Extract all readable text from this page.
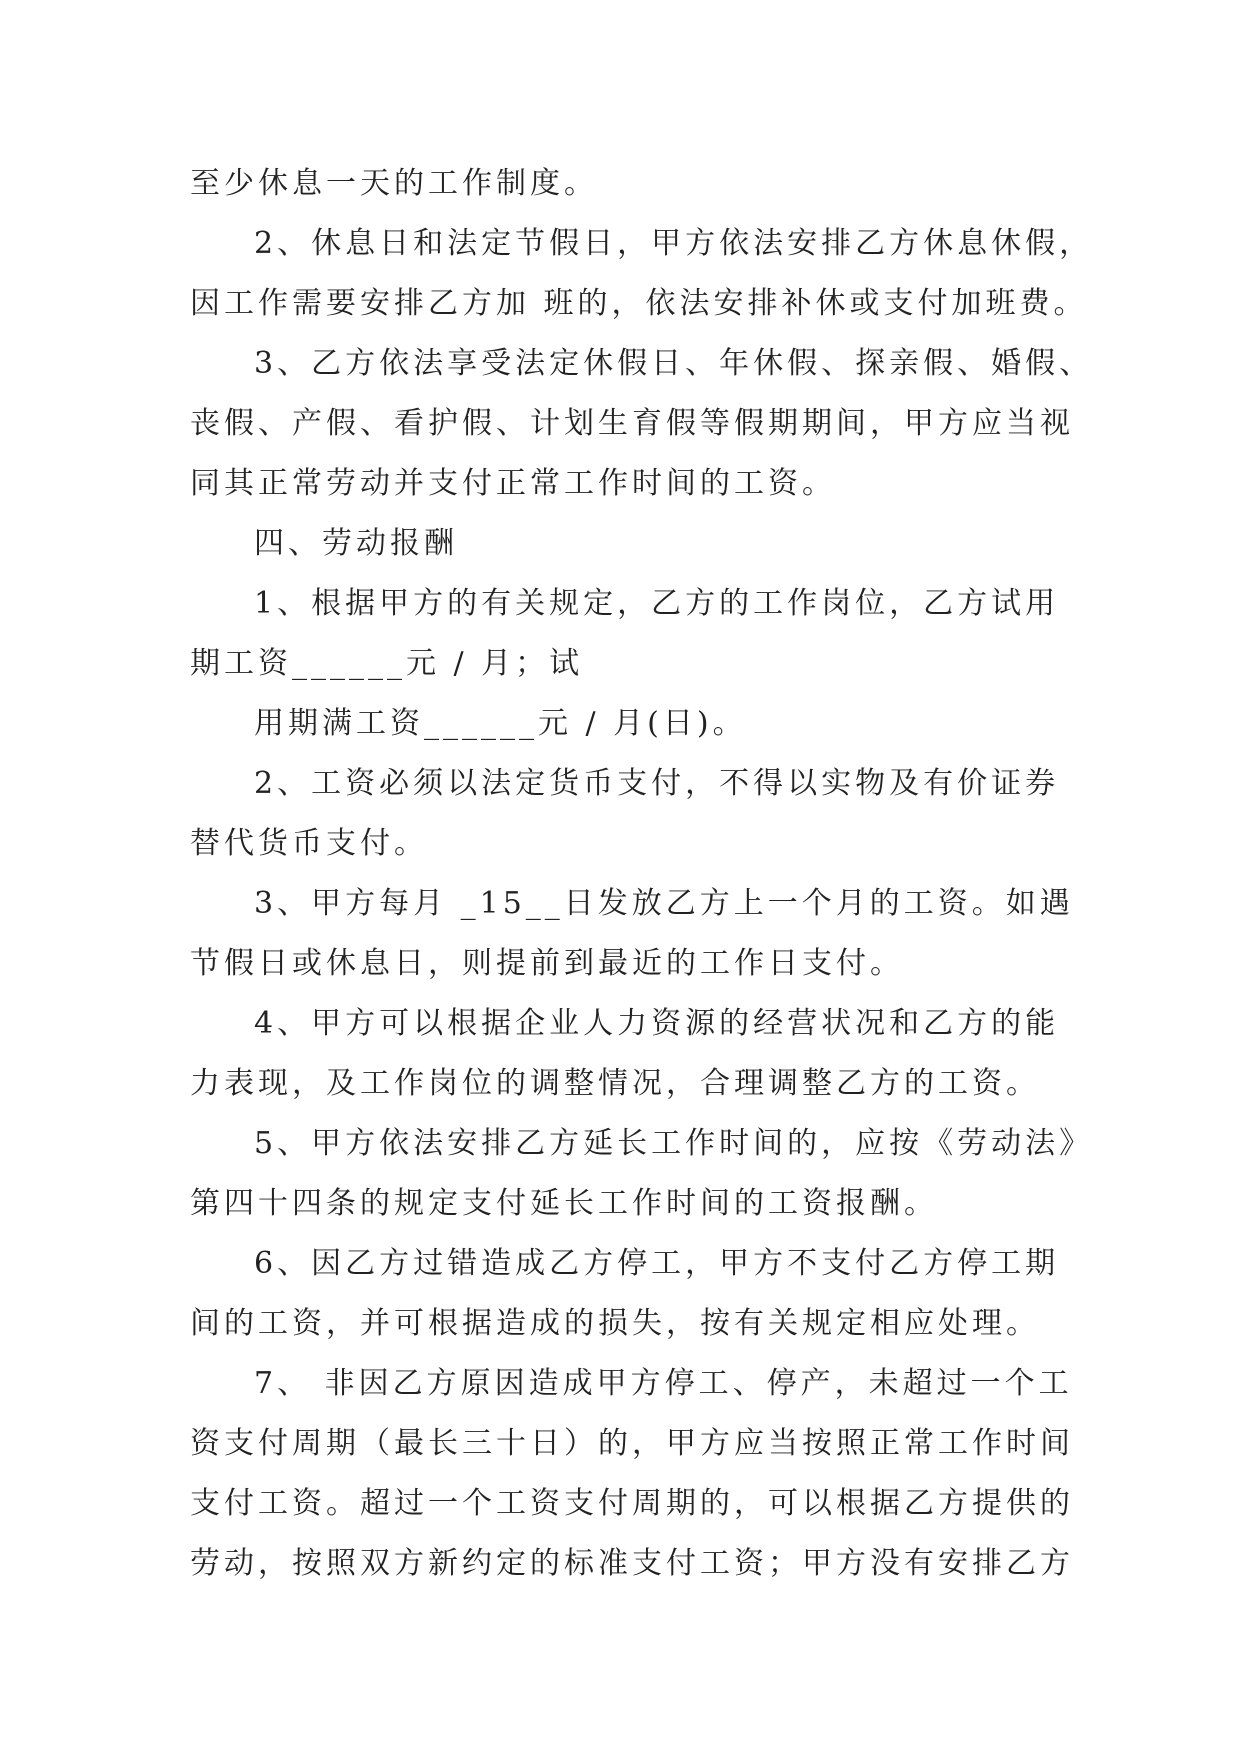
至少休息一天的工作制度。
2、休息日和法定节假日，甲方依法安排乙方休息休假，
因工作需要安排乙方加 班的，依法安排补休或支付加班费。
3、乙方依法享受法定休假日、年休假、探亲假、婚假、
丧假、产假、看护假、计划生育假等假期期间，甲方应当视
同其正常劳动并支付正常工作时间的工资。
四、劳动报酬
1、根据甲方的有关规定，乙方的工作岗位，乙方试用
期工资______元 / 月；试
用期满工资______元 / 月(日)。
2、工资必须以法定货币支付，不得以实物及有价证券
替代货币支付。
3、甲方每月 _15__日发放乙方上一个月的工资。如遇
节假日或休息日，则提前到最近的工作日支付。
4、甲方可以根据企业人力资源的经营状况和乙方的能
力表现，及工作岗位的调整情况，合理调整乙方的工资。
5、甲方依法安排乙方延长工作时间的，应按《劳动法》
第四十四条的规定支付延长工作时间的工资报酬。
6、因乙方过错造成乙方停工，甲方不支付乙方停工期
间的工资，并可根据造成的损失，按有关规定相应处理。
7、 非因乙方原因造成甲方停工、停产，未超过一个工
资支付周期（最长三十日）的，甲方应当按照正常工作时间
支付工资。超过一个工资支付周期的，可以根据乙方提供的
劳动，按照双方新约定的标准支付工资；甲方没有安排乙方
